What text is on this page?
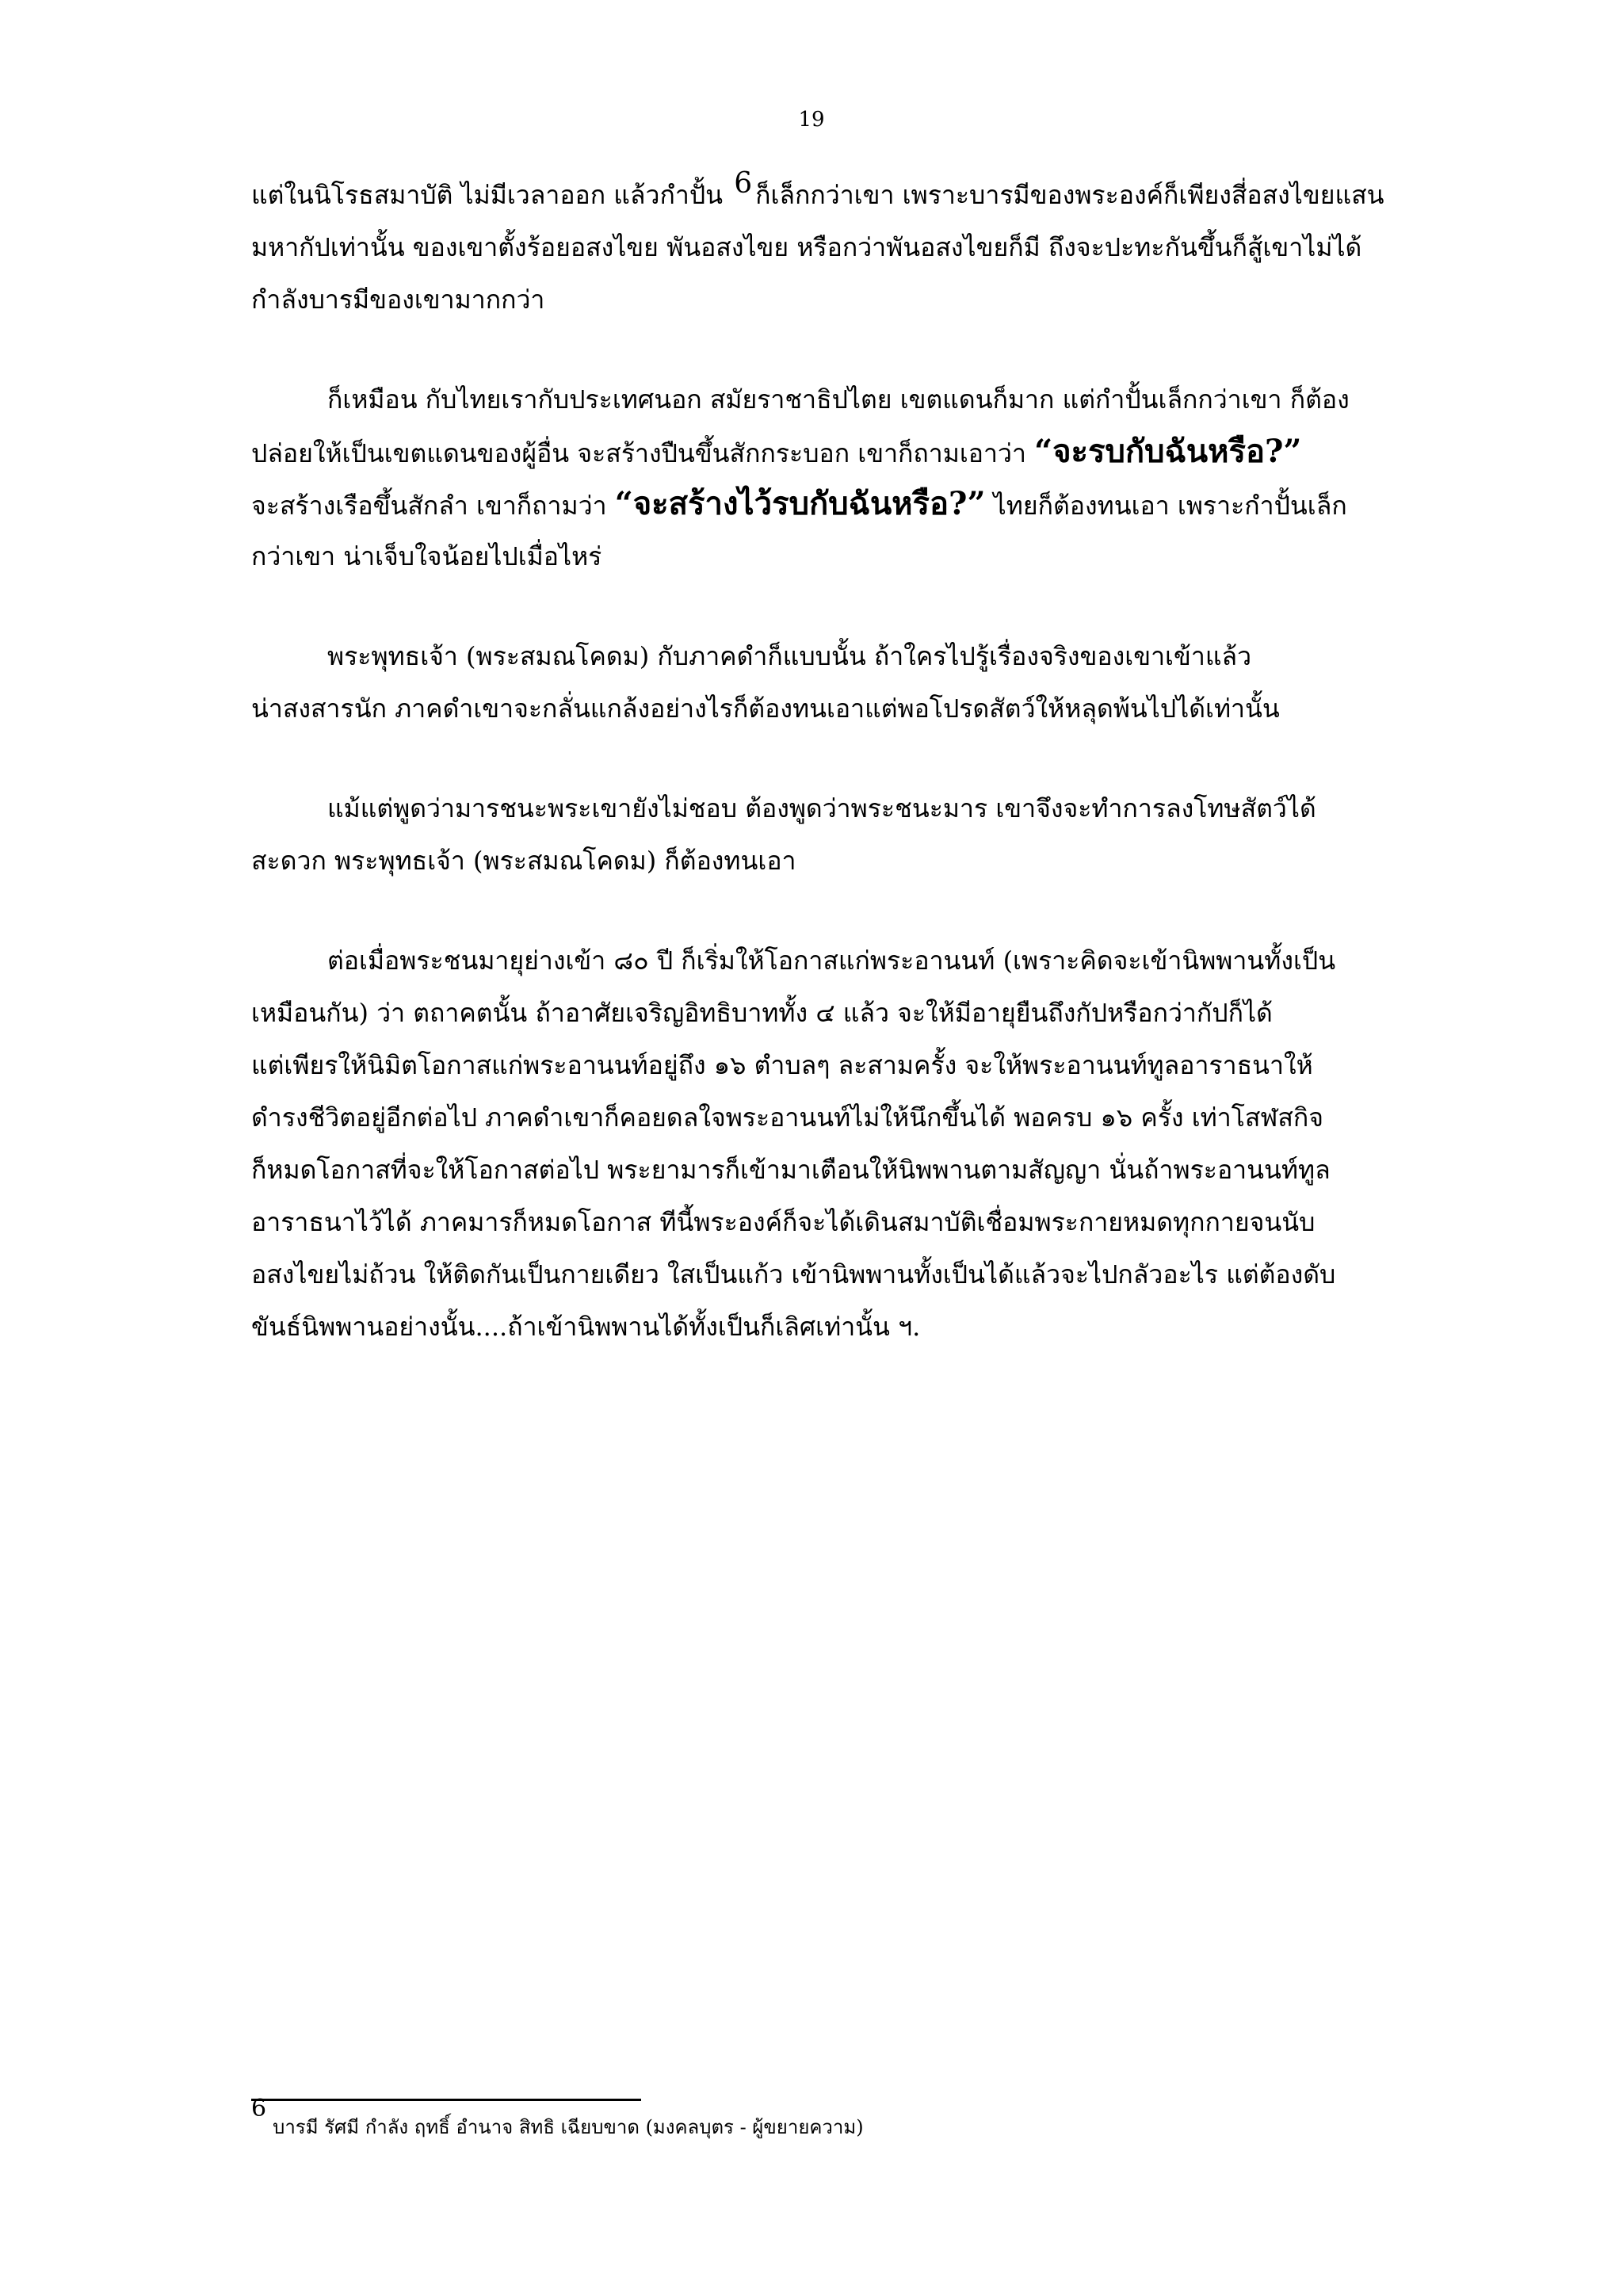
19
แต่ในนิโรธสมาบัติ ไม่มีเวลาออก แล้วกำปั้น 6 ก็เล็กกว่าเขา เพราะบารมีของพระองค์ก็เพียงสี่อสงไขยแสน
มหากัปเท่านั้น ของเขาตั้งร้อยอสงไขย พันอสงไขย หรือกว่าพันอสงไขยก็มี ถึงจะปะทะกันขึ้นก็สู้เขาไม่ได้
กำลังบารมีของเขามากกว่า
ก็เหมือน กับไทยเรากับประเทศนอก สมัยราชาธิปไตย เขตแดนก็มาก แต่กำปั้นเล็กกว่าเขา ก็ต้อง
ปล่อยให้เป็นเขตแดนของผู้อื่น จะสร้างปืนขึ้นสักกระบอก เขาก็ถามเอาว่า “จะรบกับฉันหรือ?”
จะสร้างเรือขึ้นสักลำ เขาก็ถามว่า “จะสร้างไว้รบกับฉันหรือ?” ไทยก็ต้องทนเอา เพราะกำปั้นเล็ก
กว่าเขา น่าเจ็บใจน้อยไปเมื่อไหร่
พระพุทธเจ้า (พระสมณโคดม) กับภาคดำก็แบบนั้น ถ้าใครไปรู้เรื่องจริงของเขาเข้าแล้ว
น่าสงสารนัก ภาคดำเขาจะกลั่นแกล้งอย่างไรก็ต้องทนเอาแต่พอโปรดสัตว์ให้หลุดพ้นไปได้เท่านั้น
แม้แต่พูดว่ามารชนะพระเขายังไม่ชอบ ต้องพูดว่าพระชนะมาร เขาจึงจะทำการลงโทษสัตว์ได้
สะดวก พระพุทธเจ้า (พระสมณโคดม) ก็ต้องทนเอา
ต่อเมื่อพระชนมายุย่างเข้า ๘๐ ปี ก็เริ่มให้โอกาสแก่พระอานนท์ (เพราะคิดจะเข้านิพพานทั้งเป็น
เหมือนกัน) ว่า ตถาคตนั้น ถ้าอาศัยเจริญอิทธิบาททั้ง ๔ แล้ว จะให้มีอายุยืนถึงกัปหรือกว่ากัปก็ได้
แต่เพียรให้นิมิตโอกาสแก่พระอานนท์อยู่ถึง ๑๖ ตำบลๆ ละสามครั้ง จะให้พระอานนท์ทูลอาราธนาให้
ดำรงชีวิตอยู่อีกต่อไป ภาคดำเขาก็คอยดลใจพระอานนท์ไม่ให้นึกขึ้นได้ พอครบ ๑๖ ครั้ง เท่าโสฬสกิจ
ก็หมดโอกาสที่จะให้โอกาสต่อไป พระยามารก็เข้ามาเตือนให้นิพพานตามสัญญา นั่นถ้าพระอานนท์ทูล
อาราธนาไว้ได้ ภาคมารก็หมดโอกาส ทีนี้พระองค์ก็จะได้เดินสมาบัติเชื่อมพระกายหมดทุกกายจนนับ
อสงไขยไม่ถ้วน ให้ติดกันเป็นกายเดียว ใสเป็นแก้ว เข้านิพพานทั้งเป็นได้แล้วจะไปกลัวอะไร แต่ต้องดับ
ขันธ์นิพพานอย่างนั้น....ถ้าเข้านิพพานได้ทั้งเป็นก็เลิศเท่านั้น ฯ.
6บารมี รัศมี กำลัง ฤทธิ์ อำนาจ สิทธิ เฉียบขาด (มงคลบุตร - ผู้ขยายความ)
